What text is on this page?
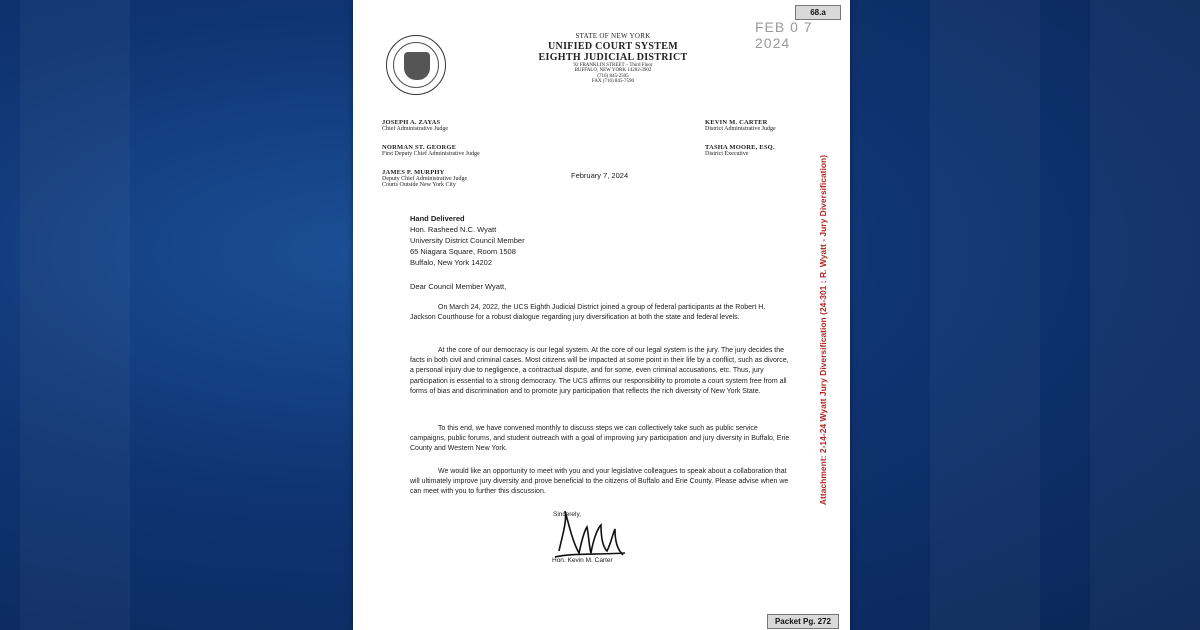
68.a
FEB 0 7 2024
STATE OF NEW YORK
UNIFIED COURT SYSTEM
EIGHTH JUDICIAL DISTRICT
92 FRANKLIN STREET – Third Floor
BUFFALO, NEW YORK 14202-3902
(716) 845-2505
FAX (716) 845-7590
JOSEPH A. ZAYAS
Chief Administrative Judge
NORMAN ST. GEORGE
First Deputy Chief Administrative Judge
JAMES P. MURPHY
Deputy Chief Administrative Judge
Courts Outside New York City
KEVIN M. CARTER
District Administrative Judge
TASHA MOORE, ESQ.
District Executive
February 7, 2024
Hand Delivered
Hon. Rasheed N.C. Wyatt
University District Council Member
65 Niagara Square, Room 1508
Buffalo, New York 14202
Dear Council Member Wyatt,
On March 24, 2022, the UCS Eighth Judicial District joined a group of federal participants at the Robert H. Jackson Courthouse for a robust dialogue regarding jury diversification at both the state and federal levels.
At the core of our democracy is our legal system. At the core of our legal system is the jury. The jury decides the facts in both civil and criminal cases. Most citizens will be impacted at some point in their life by a conflict, such as divorce, a personal injury due to negligence, a contractual dispute, and for some, even criminal accusations, etc. Thus, jury participation is essential to a strong democracy. The UCS affirms our responsibility to promote a court system free from all forms of bias and discrimination and to promote jury participation that reflects the rich diversity of New York State.
To this end, we have convened monthly to discuss steps we can collectively take such as public service campaigns, public forums, and student outreach with a goal of improving jury participation and jury diversity in Buffalo, Erie County and Western New York.
We would like an opportunity to meet with you and your legislative colleagues to speak about a collaboration that will ultimately improve jury diversity and prove beneficial to the citizens of Buffalo and Erie County. Please advise when we can meet with you to further this discussion.
Sincerely,
Hon. Kevin M. Carter
Attachment: 2-14-24 Wyatt Jury Diversification (24-301 : R. Wyatt - Jury Diversification)
Packet Pg. 272
